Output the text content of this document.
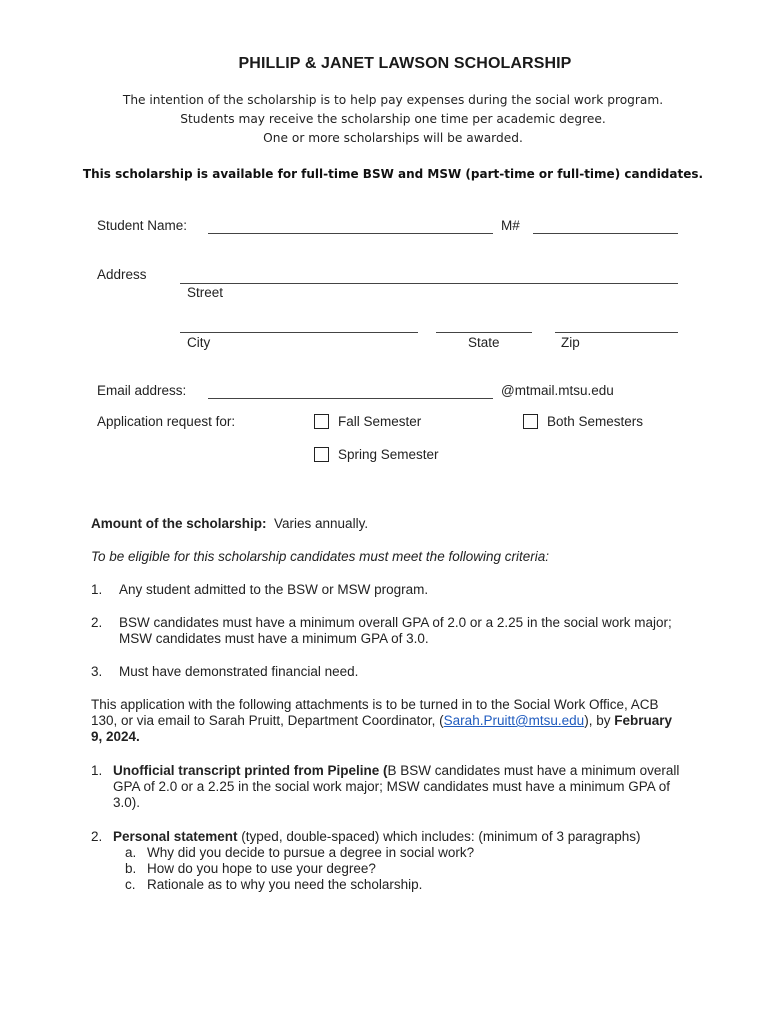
PHILLIP & JANET LAWSON SCHOLARSHIP
The intention of the scholarship is to help pay expenses during the social work program.
Students may receive the scholarship one time per academic degree.
One or more scholarships will be awarded.
This scholarship is available for full-time BSW and MSW (part-time or full-time) candidates.
Student Name:	M#
Address
Street
City	State	Zip
Email address:	@mtmail.mtsu.edu
Application request for:	Fall Semester	Both Semesters
Spring Semester
Amount of the scholarship: Varies annually.
To be eligible for this scholarship candidates must meet the following criteria:
1. Any student admitted to the BSW or MSW program.
2. BSW candidates must have a minimum overall GPA of 2.0 or a 2.25 in the social work major;
MSW candidates must have a minimum GPA of 3.0.
3. Must have demonstrated financial need.
This application with the following attachments is to be turned in to the Social Work Office, ACB
130, or via email to Sarah Pruitt, Department Coordinator, (Sarah.Pruitt@mtsu.edu), by February
9, 2024.
1. Unofficial transcript printed from Pipeline (B BSW candidates must have a minimum overall
GPA of 2.0 or a 2.25 in the social work major; MSW candidates must have a minimum GPA of
3.0).
2. Personal statement (typed, double-spaced) which includes: (minimum of 3 paragraphs)
a. Why did you decide to pursue a degree in social work?
b. How do you hope to use your degree?
c. Rationale as to why you need the scholarship.
